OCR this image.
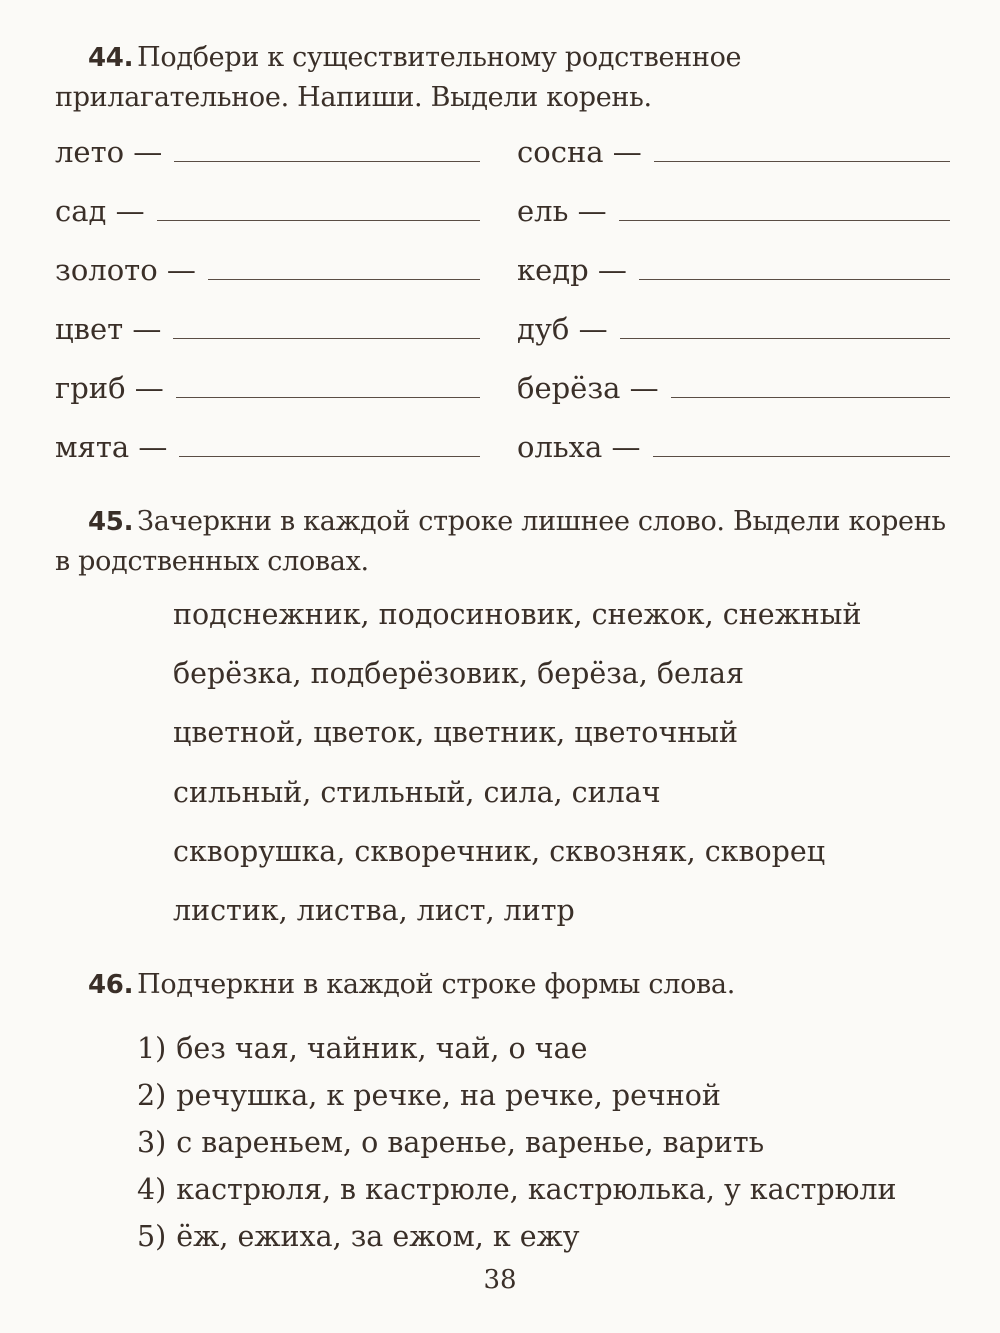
44. Подбери к существительному родственное прилагательное. Напиши. Выдели корень.
лето —
сад —
золото —
цвет —
гриб —
мята —
сосна —
ель —
кедр —
дуб —
берёза —
ольха —
45. Зачеркни в каждой строке лишнее слово. Выдели корень в родственных словах.
подснежник, подосиновик, снежок, снежный
берёзка, подберёзовик, берёза, белая
цветной, цветок, цветник, цветочный
сильный, стильный, сила, силач
скворушка, скворечник, сквозняк, скворец
листик, листва, лист, литр
46. Подчеркни в каждой строке формы слова.
1) без чая, чайник, чай, о чае
2) речушка, к речке, на речке, речной
3) с вареньем, о варенье, варенье, варить
4) кастрюля, в кастрюле, кастрюлька, у кастрюли
5) ёж, ежиха, за ежом, к ежу
38
